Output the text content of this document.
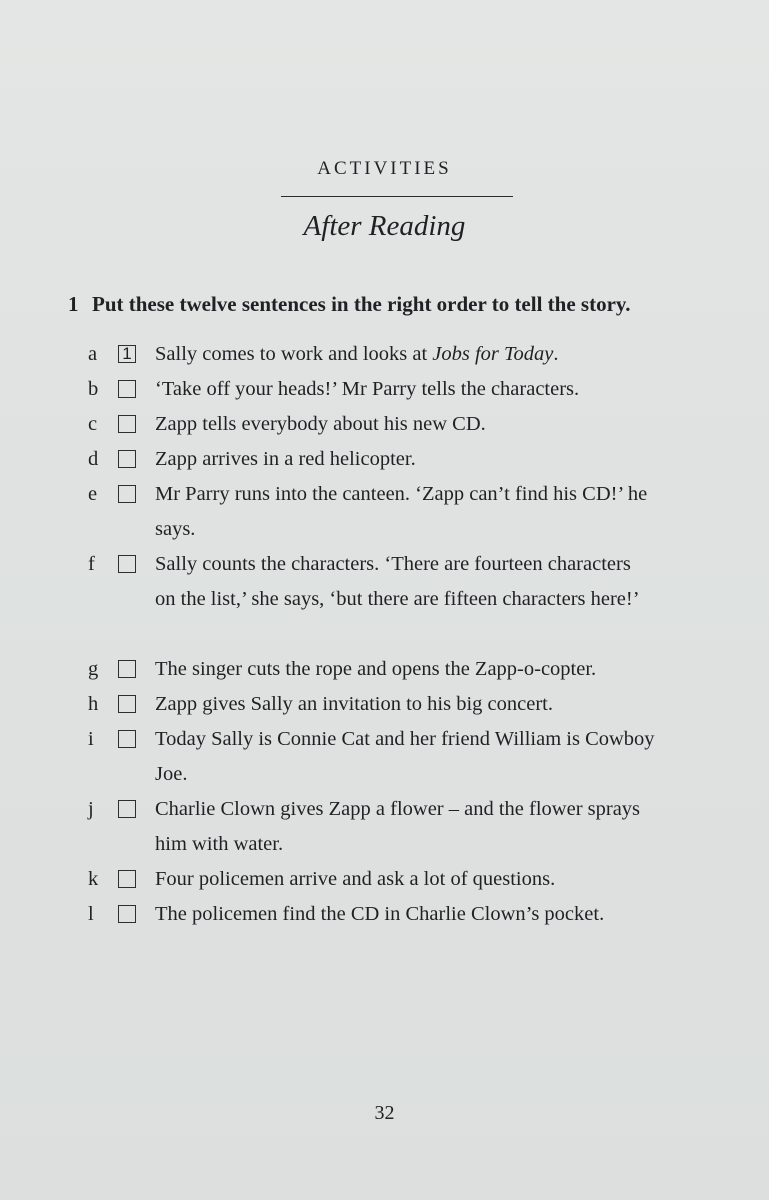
ACTIVITIES
After Reading
1 Put these twelve sentences in the right order to tell the story.
a	1 Sally comes to work and looks at Jobs for Today.
b	‘Take off your heads!’ Mr Parry tells the characters.
c	Zapp tells everybody about his new CD.
d	Zapp arrives in a red helicopter.
e	Mr Parry runs into the canteen. ‘Zapp can’t find his CD!’ he says.
f	Sally counts the characters. ‘There are fourteen characters on the list,’ she says, ‘but there are fifteen characters here!’
g	The singer cuts the rope and opens the Zapp-o-copter.
h	Zapp gives Sally an invitation to his big concert.
i	Today Sally is Connie Cat and her friend William is Cowboy Joe.
j	Charlie Clown gives Zapp a flower – and the flower sprays him with water.
k	Four policemen arrive and ask a lot of questions.
l	The policemen find the CD in Charlie Clown’s pocket.
32
